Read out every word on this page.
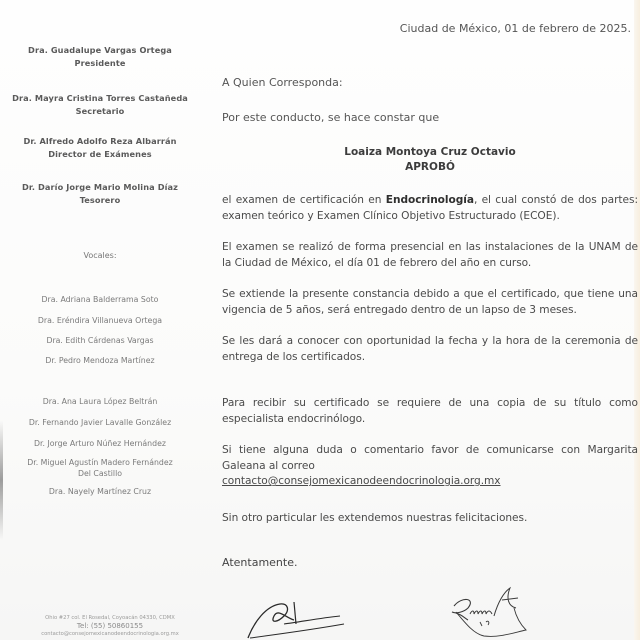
Dra. Guadalupe Vargas Ortega
Presidente
Dra. Mayra Cristina Torres Castañeda
Secretario
Dr. Alfredo Adolfo Reza Albarrán
Director de Exámenes
Dr. Darío Jorge Mario Molina Díaz
Tesorero
Vocales:
Dra. Adriana Balderrama Soto
Dra. Eréndira Villanueva Ortega
Dra. Edith Cárdenas Vargas
Dr. Pedro Mendoza Martínez
Dra. Ana Laura López Beltrán
Dr. Fernando Javier Lavalle González
Dr. Jorge Arturo Núñez Hernández
Dr. Miguel Agustín Madero Fernández
Del Castillo
Dra. Nayely Martínez Cruz
Ohio #27 col. El Rosedal, Coyoacán 04330, CDMX
Tel: (55) 50860155
contacto@consejomexicanodeendocrinologia.org.mx
Ciudad de México, 01 de febrero de 2025.
A Quien Corresponda:
Por este conducto, se hace constar que
Loaiza Montoya Cruz Octavio
APROBÓ
el examen de certificación en Endocrinología, el cual constó de dos partes: examen teórico y Examen Clínico Objetivo Estructurado (ECOE).
El examen se realizó de forma presencial en las instalaciones de la UNAM de la Ciudad de México, el día 01 de febrero del año en curso.
Se extiende la presente constancia debido a que el certificado, que tiene una vigencia de 5 años, será entregado dentro de un lapso de 3 meses.
Se les dará a conocer con oportunidad la fecha y la hora de la ceremonia de entrega de los certificados.
Para recibir su certificado se requiere de una copia de su título como especialista endocrinólogo.
Si tiene alguna duda o comentario favor de comunicarse con Margarita Galeana al correo
contacto@consejomexicanodeendocrinologia.org.mx
Sin otro particular les extendemos nuestras felicitaciones.
Atentamente.
